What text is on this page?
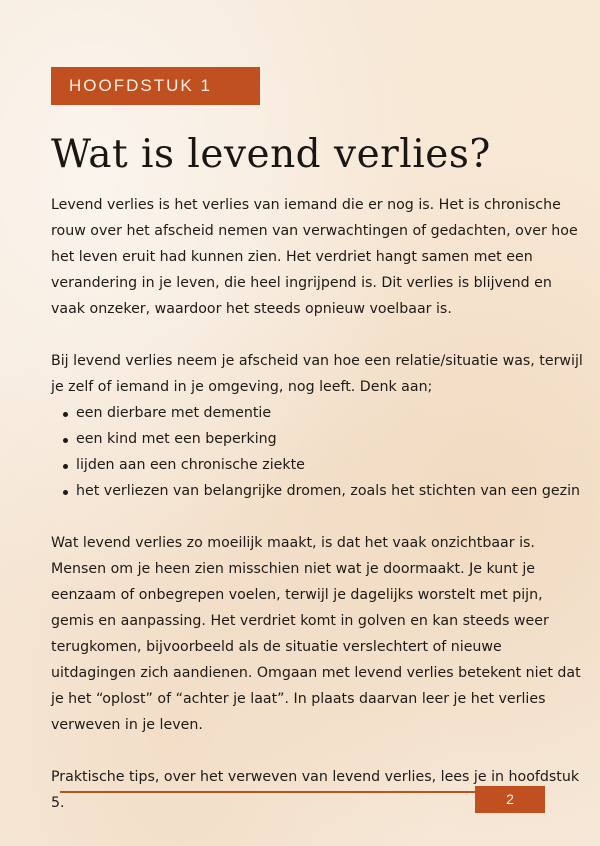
HOOFDSTUK 1
Wat is levend verlies?

Levend verlies is het verlies van iemand die er nog is. Het is chronische rouw over het afscheid nemen van verwachtingen of gedachten, over hoe het leven eruit had kunnen zien. Het verdriet hangt samen met een verandering in je leven, die heel ingrijpend is. Dit verlies is blijvend en vaak onzeker, waardoor het steeds opnieuw voelbaar is.

Bij levend verlies neem je afscheid van hoe een relatie/situatie was, terwijl je zelf of iemand in je omgeving, nog leeft. Denk aan;

een dierbare met dementie
een kind met een beperking
lijden aan een chronische ziekte
het verliezen van belangrijke dromen, zoals het stichten van een gezin

Wat levend verlies zo moeilijk maakt, is dat het vaak onzichtbaar is. Mensen om je heen zien misschien niet wat je doormaakt. Je kunt je eenzaam of onbegrepen voelen, terwijl je dagelijks worstelt met pijn, gemis en aanpassing. Het verdriet komt in golven en kan steeds weer terugkomen, bijvoorbeeld als de situatie verslechtert of nieuwe uitdagingen zich aandienen. Omgaan met levend verlies betekent niet dat je het “oplost” of “achter je laat”. In plaats daarvan leer je het verlies verweven in je leven.

Praktische tips, over het verweven van levend verlies, lees je in hoofdstuk 5.	2
